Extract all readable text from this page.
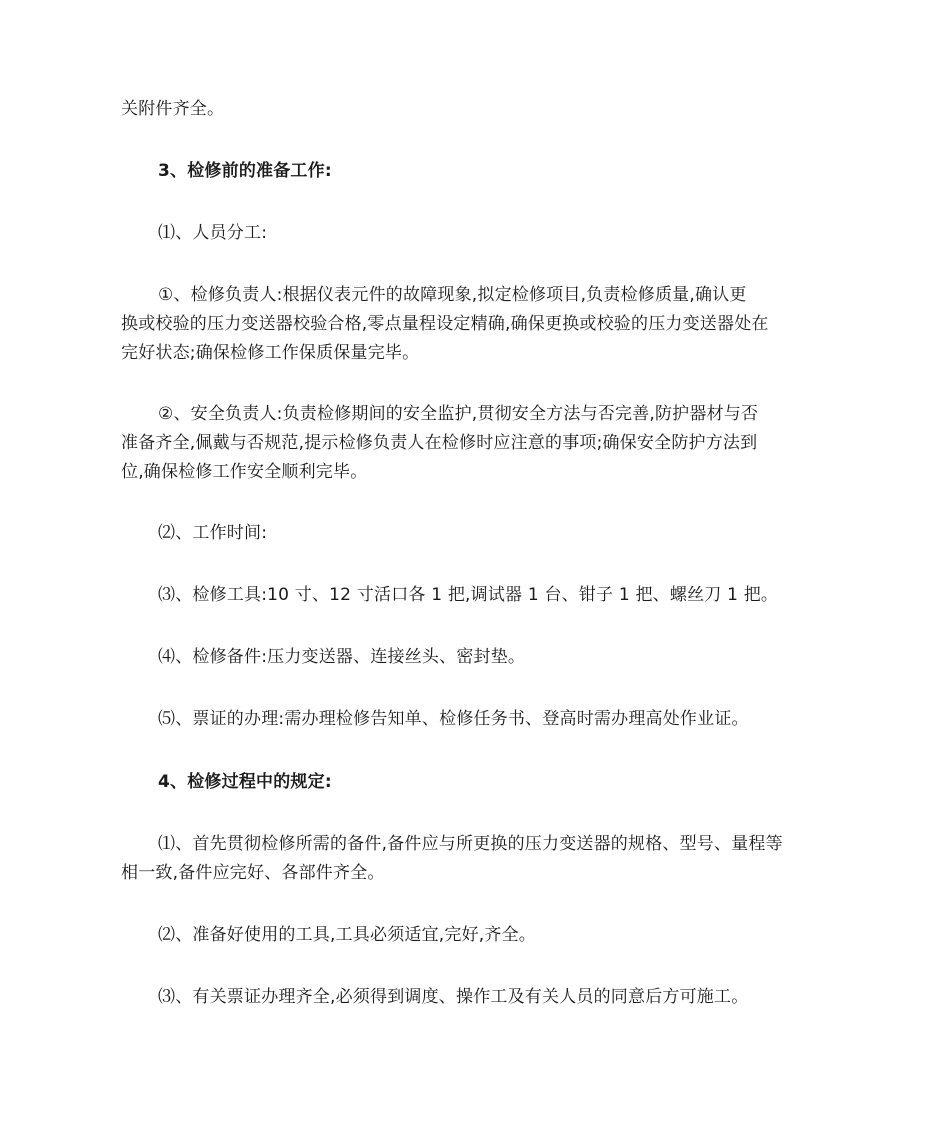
关附件齐全。
3、检修前的准备工作:
⑴、人员分工:
①、检修负责人:根据仪表元件的故障现象,拟定检修项目,负责检修质量,确认更
换或校验的压力变送器校验合格,零点量程设定精确,确保更换或校验的压力变送器处在
完好状态;确保检修工作保质保量完毕。
②、安全负责人:负责检修期间的安全监护,贯彻安全方法与否完善,防护器材与否
准备齐全,佩戴与否规范,提示检修负责人在检修时应注意的事项;确保安全防护方法到
位,确保检修工作安全顺利完毕。
⑵、工作时间:
⑶、检修工具:10 寸、12 寸活口各 1 把,调试器 1 台、钳子 1 把、螺丝刀 1 把。
⑷、检修备件:压力变送器、连接丝头、密封垫。
⑸、票证的办理:需办理检修告知单、检修任务书、登高时需办理高处作业证。
4、检修过程中的规定:
⑴、首先贯彻检修所需的备件,备件应与所更换的压力变送器的规格、型号、量程等
相一致,备件应完好、各部件齐全。
⑵、准备好使用的工具,工具必须适宜,完好,齐全。
⑶、有关票证办理齐全,必须得到调度、操作工及有关人员的同意后方可施工。
